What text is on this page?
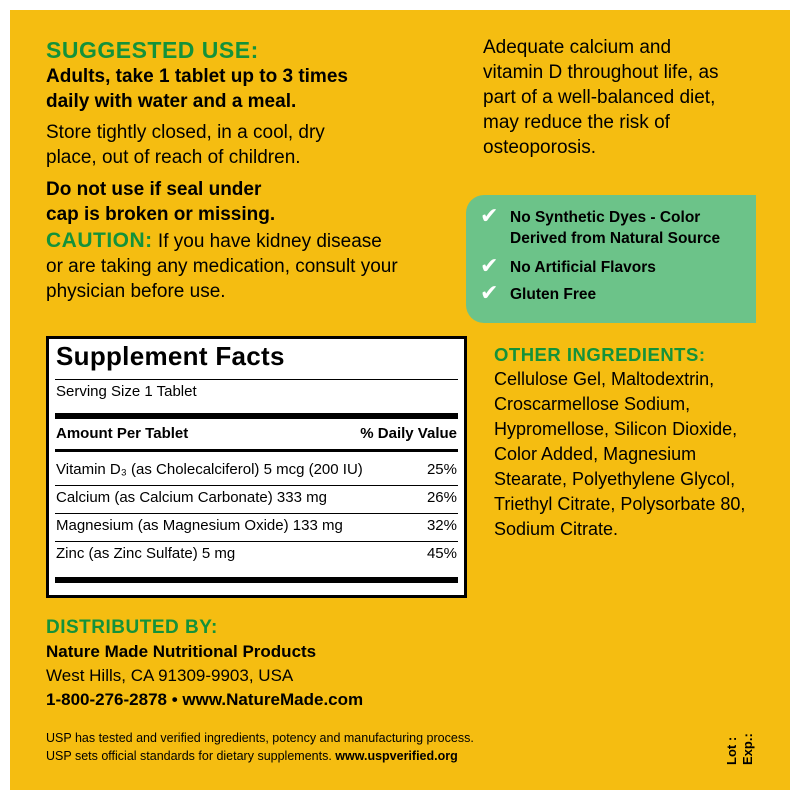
SUGGESTED USE:
Adults, take 1 tablet up to 3 times
daily with water and a meal.
Store tightly closed, in a cool, dry
place, out of reach of children.
Do not use if seal under
cap is broken or missing.
CAUTION: If you have kidney disease
or are taking any medication, consult your
physician before use.
Adequate calcium and
vitamin D throughout life, as
part of a well-balanced diet,
may reduce the risk of
osteoporosis.
✔ No Synthetic Dyes - Color
Derived from Natural Source
✔ No Artificial Flavors
✔ Gluten Free
Supplement Facts
Serving Size 1 Tablet
Amount Per Tablet	% Daily Value
Vitamin D₃ (as Cholecalciferol) 5 mcg (200 IU)	25%
Calcium (as Calcium Carbonate) 333 mg	26%
Magnesium (as Magnesium Oxide) 133 mg	32%
Zinc (as Zinc Sulfate) 5 mg	45%
OTHER INGREDIENTS:
Cellulose Gel, Maltodextrin,
Croscarmellose Sodium,
Hypromellose, Silicon Dioxide,
Color Added, Magnesium
Stearate, Polyethylene Glycol,
Triethyl Citrate, Polysorbate 80,
Sodium Citrate.
DISTRIBUTED BY:
Nature Made Nutritional Products
West Hills, CA 91309-9903, USA
1-800-276-2878 • www.NatureMade.com
USP has tested and verified ingredients, potency and manufacturing process.
USP sets official standards for dietary supplements. www.uspverified.org	Lot : Exp.:
